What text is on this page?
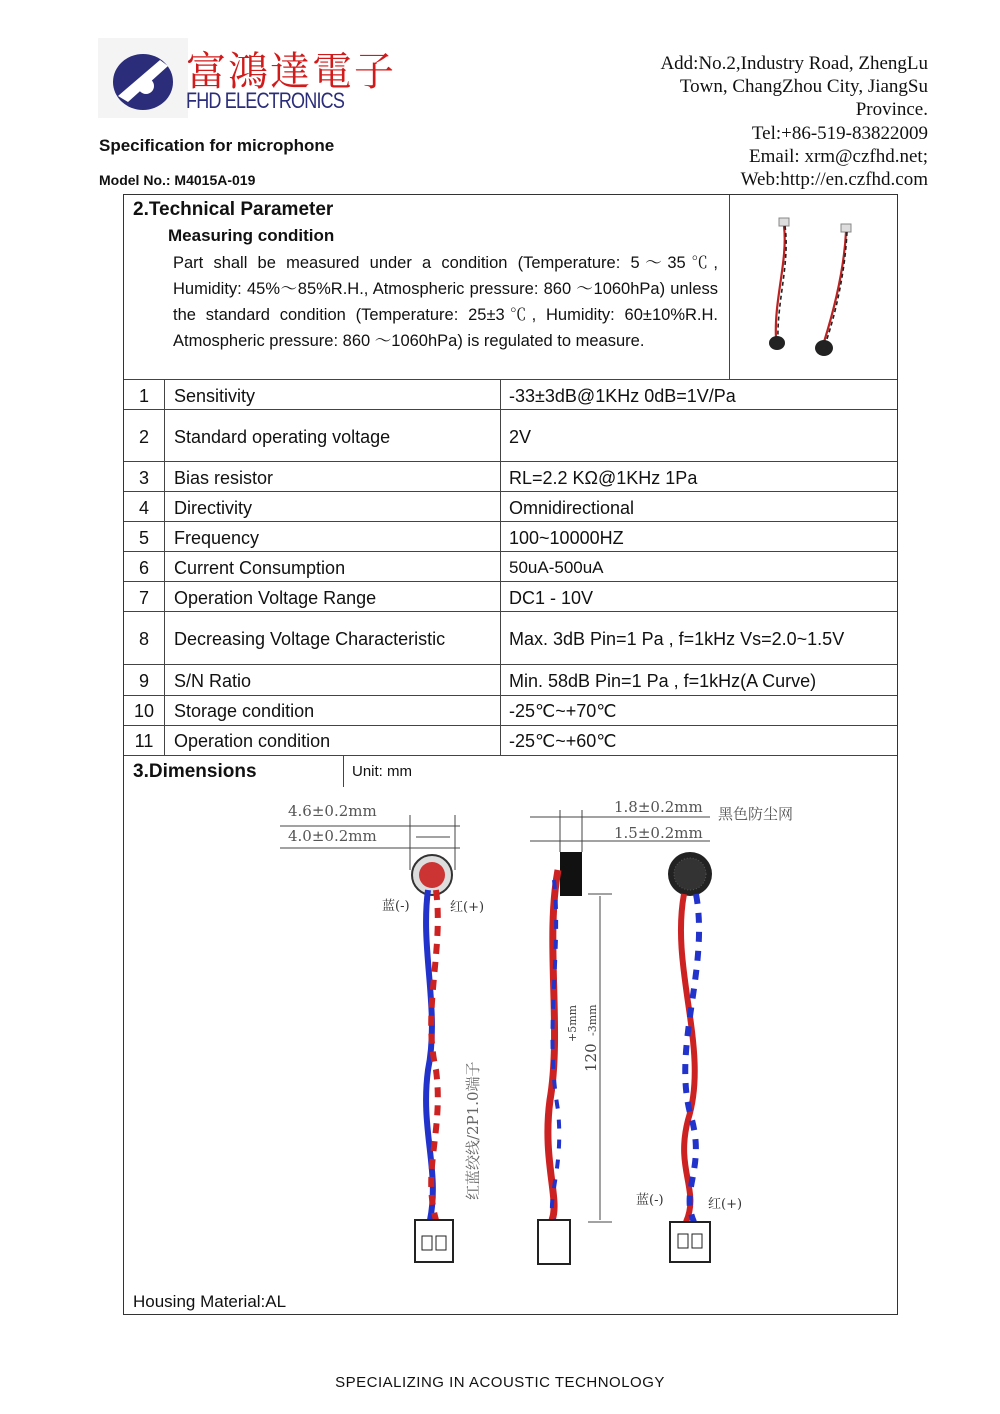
富鴻達電子
FHD ELECTRONICS
Specification for microphone
Model No.: M4015A-019
Add:No.2,Industry Road, ZhengLu
Town, ChangZhou City, JiangSu
Province.
Tel:+86-519-83822009
Email: xrm@czfhd.net;
Web:http://en.czfhd.com
2.Technical Parameter
Measuring condition
Part shall be measured under a condition (Temperature: 5～35℃, Humidity: 45%～85%R.H., Atmospheric pressure: 860 ～1060hPa) unless the standard condition (Temperature: 25±3℃, Humidity: 60±10%R.H. Atmospheric pressure: 860 ～1060hPa) is regulated to measure.
1	Sensitivity	-33±3dB@1KHz 0dB=1V/Pa
2	Standard operating voltage	2V
3	Bias resistor	RL=2.2 KΩ@1KHz 1Pa
4	Directivity	Omnidirectional
5	Frequency	100~10000HZ
6	Current Consumption	50uA-500uA
7	Operation Voltage Range	DC1 - 10V
8	Decreasing Voltage Characteristic	Max. 3dB Pin=1 Pa , f=1kHz Vs=2.0~1.5V
9	S/N Ratio	Min. 58dB Pin=1 Pa , f=1kHz(A Curve)
10	Storage condition	-25℃~+70℃
11	Operation condition	-25℃~+60℃
3.Dimensions	Unit: mm
Housing Material:AL
4.6±0.2mm
4.0±0.2mm
蓝(-)	红(+)
红蓝绞线/2P1.0端子
1.8±0.2mm
1.5±0.2mm
黑色防尘网
120
+5mm -3mm
蓝(-)	红(+)
SPECIALIZING IN ACOUSTIC TECHNOLOGY
